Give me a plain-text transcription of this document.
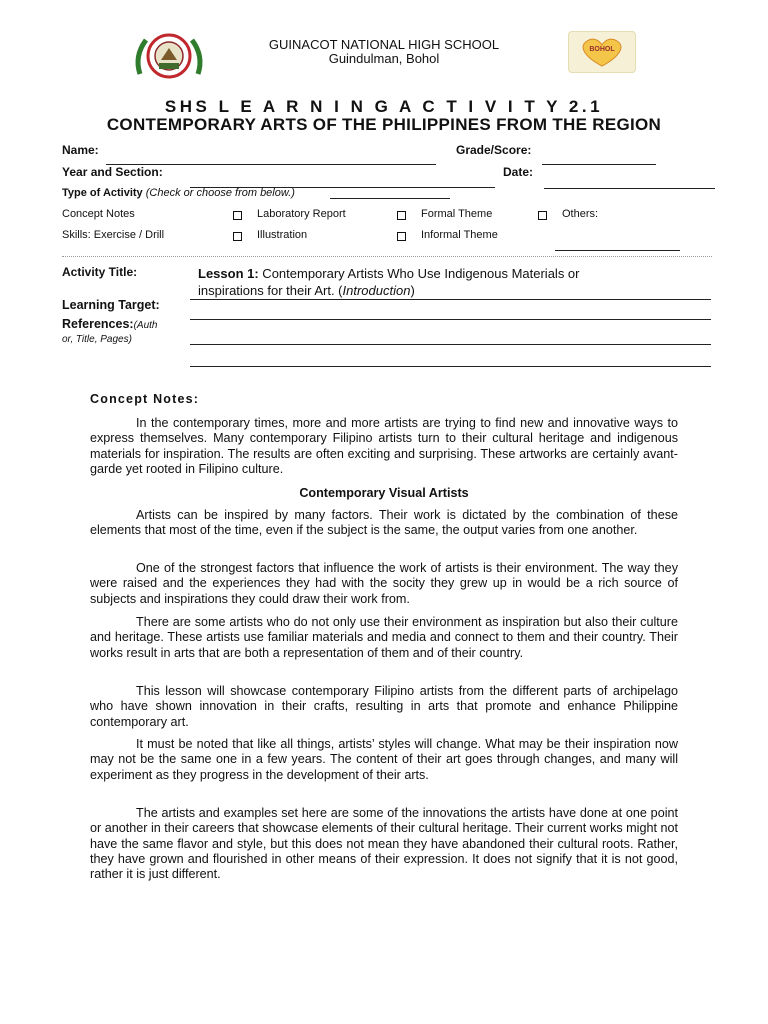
BOHOL
GUINACOT NATIONAL HIGH SCHOOL
Guindulman, Bohol
SHS L E A R N I N G A C T I V I T Y 2.1
CONTEMPORARY ARTS OF THE PHILIPPINES FROM THE REGION
Name:	Grade/Score:
Year and Section:	Date:
Type of Activity (Check or choose from below.)
Concept Notes	Laboratory Report	Formal Theme	Others:
Skills: Exercise / Drill	Illustration	Informal Theme
Activity Title:	Lesson 1: Contemporary Artists Who Use Indigenous Materials or
inspirations for their Art. (Introduction)
Learning Target:
References:(Auth
or, Title, Pages)
Concept Notes:
In the contemporary times, more and more artists are trying to find new and innovative ways to express themselves. Many contemporary Filipino artists turn to their cultural heritage and indigenous materials for inspiration. The results are often exciting and surprising. These artworks are certainly avant-garde yet rooted in Filipino culture.
Contemporary Visual Artists
Artists can be inspired by many factors. Their work is dictated by the combination of these elements that most of the time, even if the subject is the same, the output varies from one another.
One of the strongest factors that influence the work of artists is their environment. The way they were raised and the experiences they had with the socity they grew up in would be a rich source of subjects and inspirations they could draw their work from.
There are some artists who do not only use their environment as inspiration but also their culture and heritage. These artists use familiar materials and media and connect to them and their country. Their works result in arts that are both a representation of them and of their country.
This lesson will showcase contemporary Filipino artists from the different parts of archipelago who have shown innovation in their crafts, resulting in arts that promote and enhance Philippine contemporary art.
It must be noted that like all things, artists’ styles will change. What may be their inspiration now may not be the same one in a few years. The content of their art goes through changes, and many will experiment as they progress in the development of their arts.
The artists and examples set here are some of the innovations the artists have done at one point or another in their careers that showcase elements of their cultural heritage. Their current works might not have the same flavor and style, but this does not mean they have abandoned their cultural roots. Rather, they have grown and flourished in other means of their expression. It does not signify that it is not good, rather it is just different.
